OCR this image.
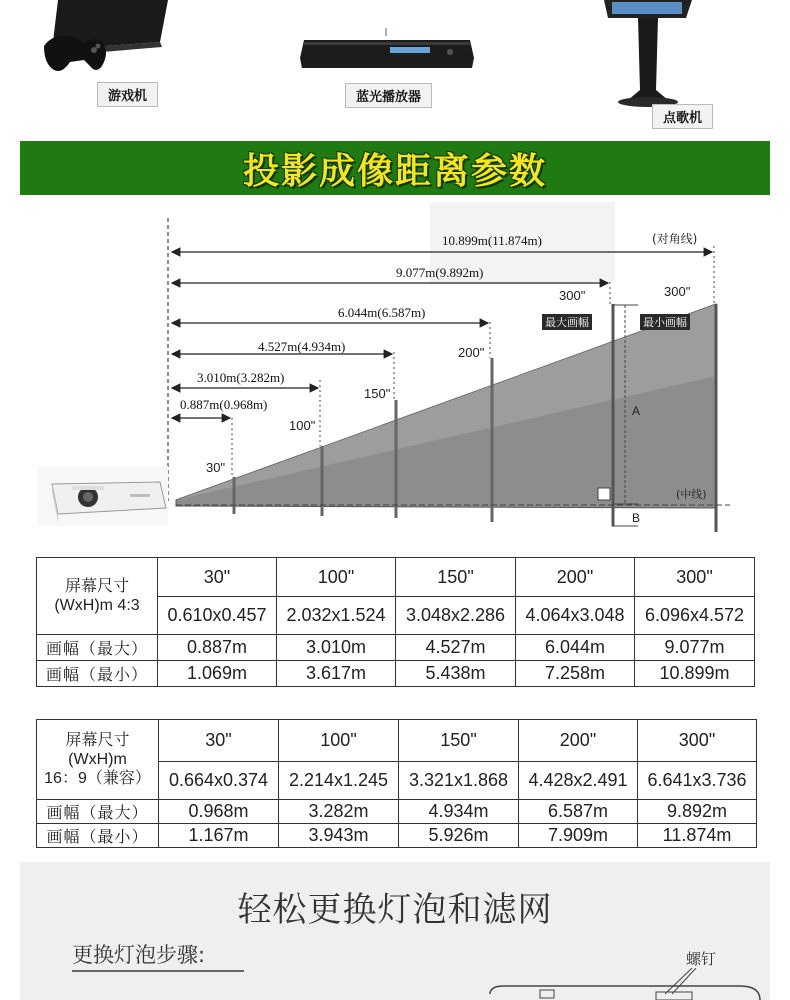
游戏机	蓝光播放器
点歌机
投影成像距离参数
10.899m(11.874m)
9.077m(9.892m)
6.044m(6.587m)
4.527m(4.934m)
3.010m(3.282m)
0.887m(0.968m)
(对角线)
30"
100"
150"
200"
300"	300"
最大画幅	最小画幅
A
B
(中线)
屏幕尺寸
(WxH)m 4:3	30"	100"	150"	200"	300"
	0.610x0.457	2.032x1.524	3.048x2.286	4.064x3.048	6.096x4.572
画幅（最大）	0.887m	3.010m	4.527m	6.044m	9.077m
画幅（最小）	1.069m	3.617m	5.438m	7.258m	10.899m
屏幕尺寸
(WxH)m
16：9（兼容）	30"	100"	150"	200"	300"
	0.664x0.374	2.214x1.245	3.321x1.868	4.428x2.491	6.641x3.736
画幅（最大）	0.968m	3.282m	4.934m	6.587m	9.892m
画幅（最小）	1.167m	3.943m	5.926m	7.909m	11.874m
轻松更换灯泡和滤网
更换灯泡步骤:	螺钉
